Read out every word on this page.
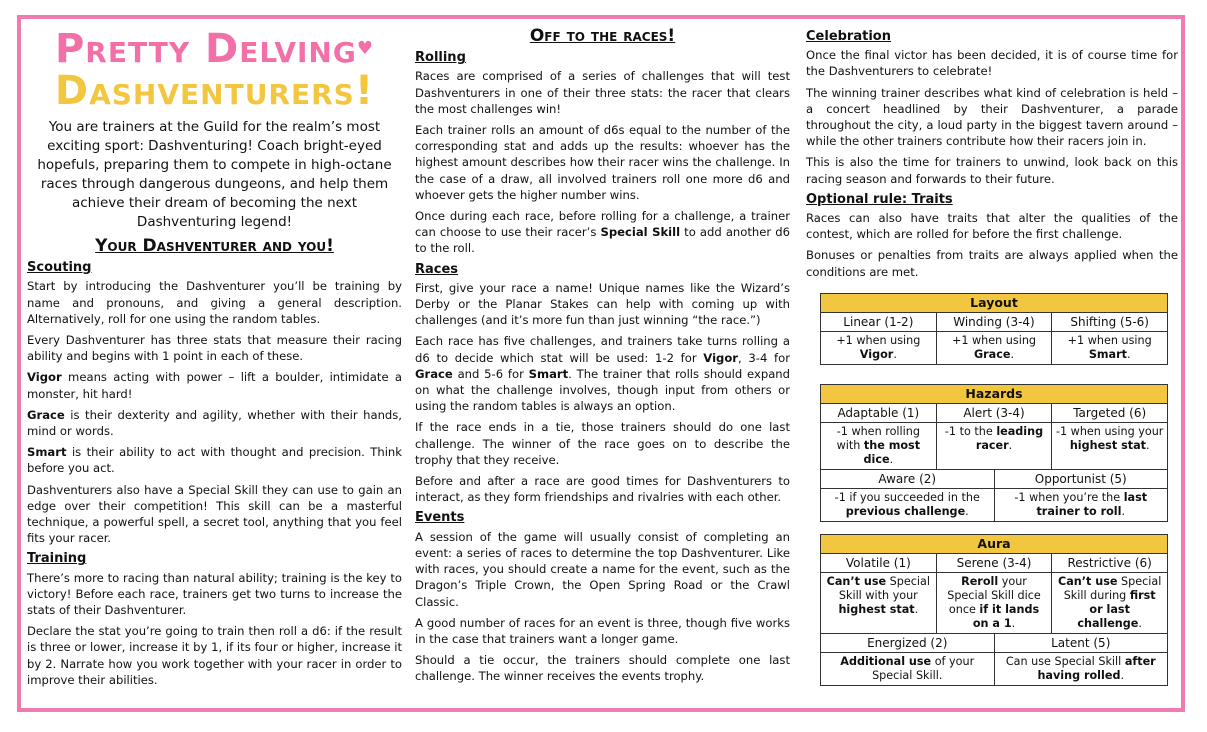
Pretty Delving♥
Dashventurers!
You are trainers at the Guild for the realm’s most exciting sport: Dashventuring! Coach bright-eyed hopefuls, preparing them to compete in high-octane races through dangerous dungeons, and help them achieve their dream of becoming the next Dashventuring legend!
Your Dashventurer and you!
Scouting

Start by introducing the Dashventurer you’ll be training by name and pronouns, and giving a general description. Alternatively, roll for one using the random tables.

Every Dashventurer has three stats that measure their racing ability and begins with 1 point in each of these.

Vigor means acting with power – lift a boulder, intimidate a monster, hit hard!

Grace is their dexterity and agility, whether with their hands, mind or words.

Smart is their ability to act with thought and precision. Think before you act.

Dashventurers also have a Special Skill they can use to gain an edge over their competition! This skill can be a masterful technique, a powerful spell, a secret tool, anything that you feel fits your racer.

Training

There’s more to racing than natural ability; training is the key to victory! Before each race, trainers get two turns to increase the stats of their Dashventurer.

Declare the stat you’re going to train then roll a d6: if the result is three or lower, increase it by 1, if its four or higher, increase it by 2. Narrate how you work together with your racer in order to improve their abilities.

Off to the races!
Rolling

Races are comprised of a series of challenges that will test Dashventurers in one of their three stats: the racer that clears the most challenges win!

Each trainer rolls an amount of d6s equal to the number of the corresponding stat and adds up the results: whoever has the highest amount describes how their racer wins the challenge. In the case of a draw, all involved trainers roll one more d6 and whoever gets the higher number wins.

Once during each race, before rolling for a challenge, a trainer can choose to use their racer’s Special Skill to add another d6 to the roll.

Races

First, give your race a name! Unique names like the Wizard’s Derby or the Planar Stakes can help with coming up with challenges (and it’s more fun than just winning “the race.”)

Each race has five challenges, and trainers take turns rolling a d6 to decide which stat will be used: 1-2 for Vigor, 3-4 for Grace and 5-6 for Smart. The trainer that rolls should expand on what the challenge involves, though input from others or using the random tables is always an option.

If the race ends in a tie, those trainers should do one last challenge. The winner of the race goes on to describe the trophy that they receive.

Before and after a race are good times for Dashventurers to interact, as they form friendships and rivalries with each other.

Events

A session of the game will usually consist of completing an event: a series of races to determine the top Dashventurer. Like with races, you should create a name for the event, such as the Dragon’s Triple Crown, the Open Spring Road or the Crawl Classic.

A good number of races for an event is three, though five works in the case that trainers want a longer game.

Should a tie occur, the trainers should complete one last challenge. The winner receives the events trophy.

Celebration

Once the final victor has been decided, it is of course time for the Dashventurers to celebrate!

The winning trainer describes what kind of celebration is held – a concert headlined by their Dashventurer, a parade throughout the city, a loud party in the biggest tavern around – while the other trainers contribute how their racers join in.

This is also the time for trainers to unwind, look back on this racing season and forwards to their future.

Optional rule: Traits

Races can also have traits that alter the qualities of the contest, which are rolled for before the first challenge.

Bonuses or penalties from traits are always applied when the conditions are met.

Layout
Linear (1-2)
+1 when using Vigor.
Winding (3-4)
+1 when using Grace.
Shifting (5-6)
+1 when using Smart.
Hazards
Adaptable (1)
-1 when rolling with the most dice.
Alert (3-4)
-1 to the leading racer.
Targeted (6)
-1 when using your highest stat.
Aware (2)
-1 if you succeeded in the previous challenge.
Opportunist (5)
-1 when you’re the last trainer to roll.
Aura
Volatile (1)
Can’t use Special Skill with your highest stat.
Serene (3-4)
Reroll your Special Skill dice once if it lands on a 1.
Restrictive (6)
Can’t use Special Skill during first or last challenge.
Energized (2)
Additional use of your Special Skill.
Latent (5)
Can use Special Skill after having rolled.
